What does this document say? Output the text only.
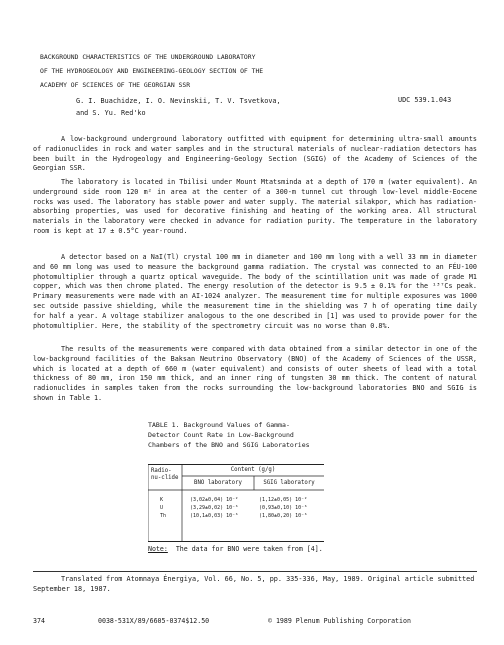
BACKGROUND CHARACTERISTICS OF THE UNDERGROUND LABORATORY
OF THE HYDROGEOLOGY AND ENGINEERING-GEOLOGY SECTION OF THE
ACADEMY OF SCIENCES OF THE GEORGIAN SSR
G. I. Buachidze, I. O. Nevinskii, T. V. Tsvetkova,
and S. Yu. Red'ko
UDC 539.1.043

A low-background underground laboratory outfitted with equipment for determining ultra-small amounts of radionuclides in rock and water samples and in the structural materials of nuclear-radiation detectors has been built in the Hydrogeology and Engineering-Geology Section (SGIG) of the Academy of Sciences of the Georgian SSR.

The laboratory is located in Tbilisi under Mount Mtatsminda at a depth of 170 m (water equivalent). An underground side room 120 m² in area at the center of a 300-m tunnel cut through low-level middle-Eocene rocks was used. The laboratory has stable power and water supply. The material silakpor, which has radiation-absorbing properties, was used for decorative finishing and heating of the working area. All structural materials in the laboratory were checked in advance for radiation purity. The temperature in the laboratory room is kept at 17 ± 0.5°C year-round.

A detector based on a NaI(Tl) crystal 100 mm in diameter and 100 mm long with a well 33 mm in diameter and 60 mm long was used to measure the background gamma radiation. The crystal was connected to an FÉU-100 photomultiplier through a quartz optical waveguide. The body of the scintillation unit was made of grade M1 copper, which was then chrome plated. The energy resolution of the detector is 9.5 ± 0.1% for the ¹³⁷Cs peak. Primary measurements were made with an AI-1024 analyzer. The measurement time for multiple exposures was 1000 sec outside passive shielding, while the measurement time in the shielding was 7 h of operating time daily for half a year. A voltage stabilizer analogous to the one described in [1] was used to provide power for the photomultiplier. Here, the stability of the spectrometry circuit was no worse than 0.8%.

The results of the measurements were compared with data obtained from a similar detector in one of the low-background facilities of the Baksan Neutrino Observatory (BNO) of the Academy of Sciences of the USSR, which is located at a depth of 660 m (water equivalent) and consists of outer sheets of lead with a total thickness of 80 mm, iron 150 mm thick, and an inner ring of tungsten 30 mm thick. The content of natural radionuclides in samples taken from the rocks surrounding the low-background laboratories BNO and SGIG is shown in Table 1.

TABLE 1. Background Values of Gamma-Detector Count Rate in Low-Background Chambers of the BNO and SGIG Laboratories
Radio-nu-clide
Content (g/g)
BNO laboratory	SGIG laboratory
K	(3,02±0,04) 10⁻²	(1,12±0,05) 10⁻²
U	(3,29±0,02) 10⁻⁶	(0,93±0,10) 10⁻⁶
Th	(10,1±0,03) 10⁻⁶	(1,80±0,20) 10⁻⁶
Note: The data for BNO were taken from [4].
Translated from Atomnaya Énergiya, Vol. 66, No. 5, pp. 335-336, May, 1989. Original article submitted September 18, 1987.
374	0038-531X/89/6605-0374$12.50	© 1989 Plenum Publishing Corporation
